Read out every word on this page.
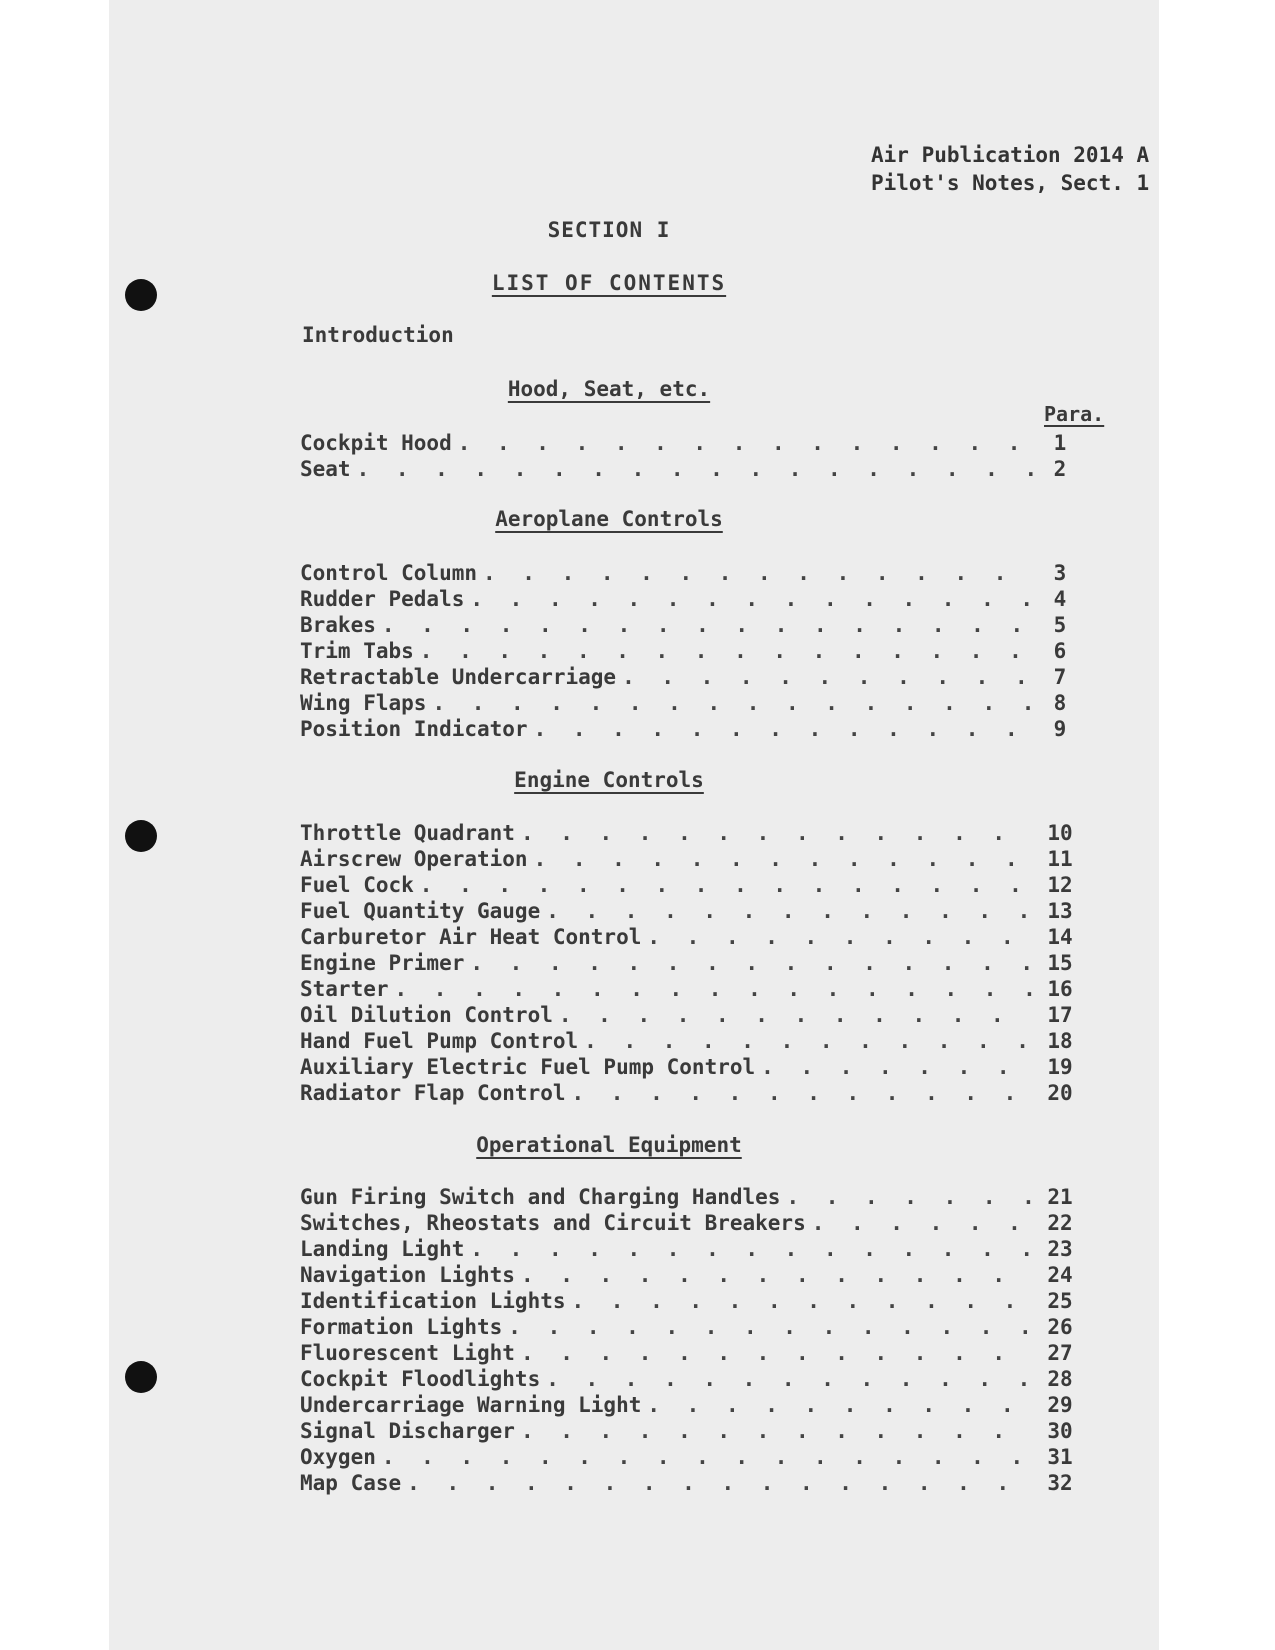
Air Publication 2014 A
Pilot's Notes, Sect. 1
SECTION I
LIST OF CONTENTS
Introduction
Hood, Seat, etc.
Para.
Cockpit Hood . . .	1
Seat . . .	2
Aeroplane Controls
Control Column . . .	3
Rudder Pedals . . .	4
Brakes . . .	5
Trim Tabs . . .	6
Retractable Undercarriage . . .	7
Wing Flaps . . .	8
Position Indicator . . .	9
Engine Controls
Throttle Quadrant . . .	10
Airscrew Operation . . .	11
Fuel Cock . . .	12
Fuel Quantity Gauge . . .	13
Carburetor Air Heat Control . . .	14
Engine Primer . . .	15
Starter . . .	16
Oil Dilution Control . . .	17
Hand Fuel Pump Control . . .	18
Auxiliary Electric Fuel Pump Control . . .	19
Radiator Flap Control . . .	20
Operational Equipment
Gun Firing Switch and Charging Handles . . .	21
Switches, Rheostats and Circuit Breakers . . .	22
Landing Light . . .	23
Navigation Lights . . .	24
Identification Lights . . .	25
Formation Lights . . .	26
Fluorescent Light . . .	27
Cockpit Floodlights . . .	28
Undercarriage Warning Light . . .	29
Signal Discharger . . .	30
Oxygen . . .	31
Map Case . . .	32
